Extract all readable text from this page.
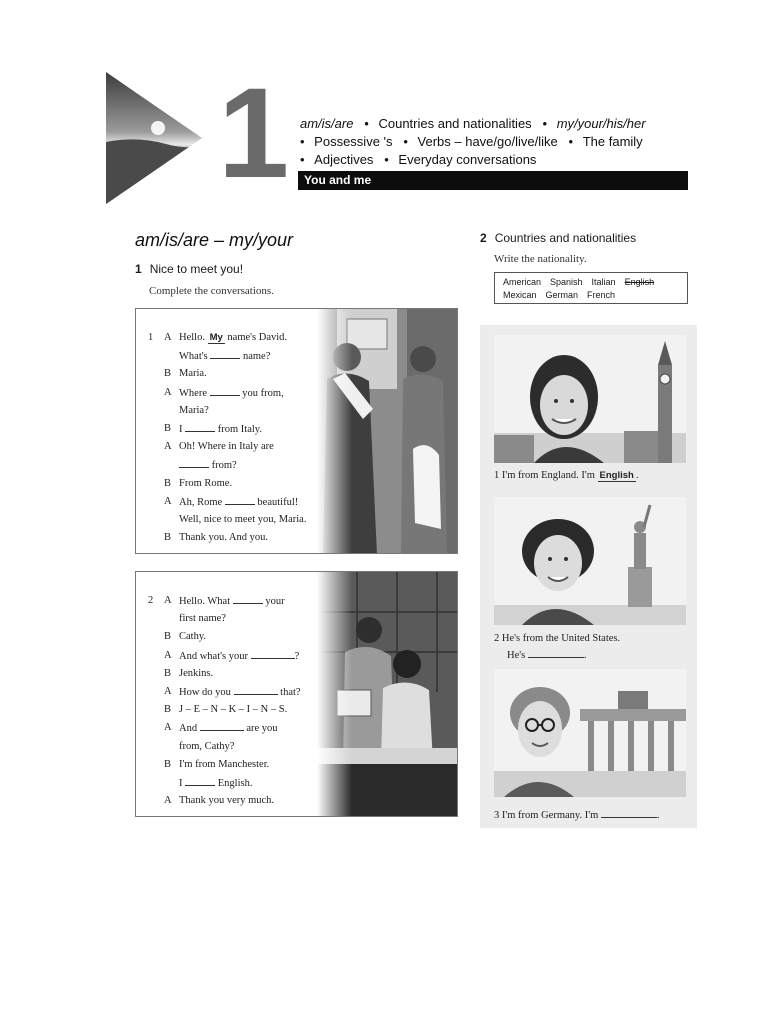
1 am/is/are   • Countries and nationalities   • my/your/his/her
• Possessive 's   • Verbs – have/go/live/like   • The family
• Adjectives   • Everyday conversations
You and me
am/is/are – my/your
1 Nice to meet you!
Complete the conversations.
1 A Hello. My name's David.
What's	name?
B Maria.
A Where	you from,
Maria?
B I	from Italy.
A Oh! Where in Italy are
from?
B From Rome.
A Ah, Rome	beautiful!
Well, nice to meet you, Maria.
B Thank you. And you.
2 A Hello. What	your
first name?
B Cathy.
A And what's your	?
B Jenkins.
A How do you	that?
B J – E – N – K – I – N – S.
A And	are you
from, Cathy?
B I'm from Manchester.
I	English.
A Thank you very much.
2 Countries and nationalities
Write the nationality.
American Spanish Italian English
Mexican German French
1 I'm from England. I'm English .
2 He's from the United States.
He's	.
3 I'm from Germany. I'm	.
